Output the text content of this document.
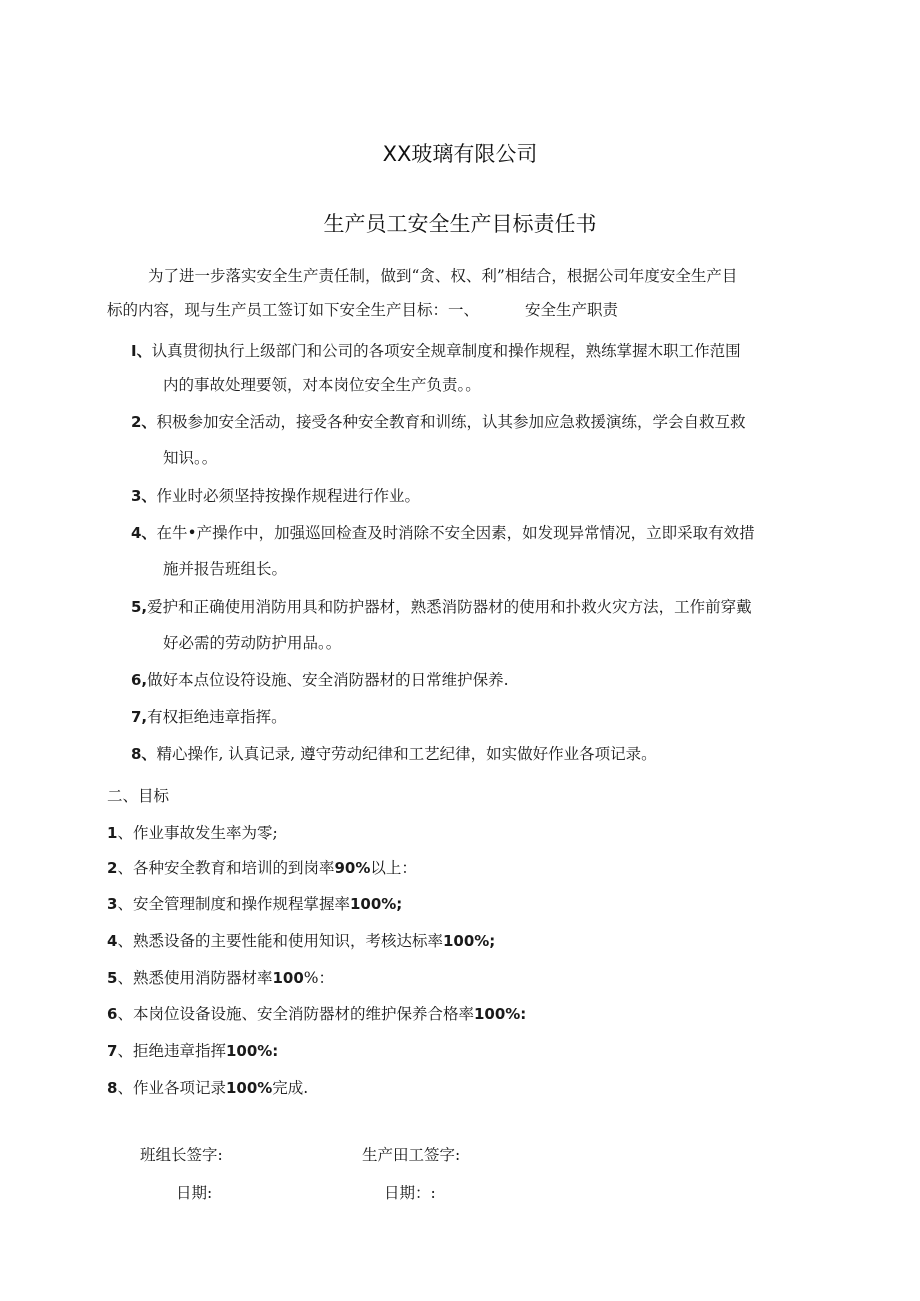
XX玻璃有限公司
生产员工安全生产目标责任书
为了进一步落实安全生产责任制，做到“贪、权、利”相结合，根据公司年度安全生产目
标的内容，现与生产员工签订如下安全生产目标：一、	安全生产职责
I、认真贯彻执行上级部门和公司的各项安全规章制度和操作规程，熟练掌握木职工作范围
内的事故处理要领，对本岗位安全生产负责。。
2、积极参加安全活动，接受各种安全教育和训练，认其参加应急救援演练，学会自救互救
知识。。
3、作业时必须坚持按操作规程进行作业。
4、在牛•产操作中，加强巡回检查及时消除不安全因素，如发现异常情况，立即采取有效措
施并报告班组长。
5,爱护和正确使用消防用具和防护器材，熟悉消防器材的使用和扑救火灾方法，工作前穿戴
好必需的劳动防护用品。。
6,做好本点位设符设施、安全消防器材的日常维护保养.
7,有权拒绝违章指挥。
8、精心操作, 认真记录, 遵守劳动纪律和工艺纪律，如实做好作业各项记录。
二、目标
1、作业事故发生率为零;
2、各种安全教育和培训的到岗率90%以上：
3、安全管理制度和操作规程掌握率100%;
4、熟悉设备的主要性能和使用知识，考核达标率100%;
5、熟悉使用消防器材率100%：
6、本岗位设备设施、安全消防器材的维护保养合格率100%:
7、拒绝违章指挥100%:
8、作业各项记录100%完成.
班组长签字:	生产田工签字:
日期:	日期：:
